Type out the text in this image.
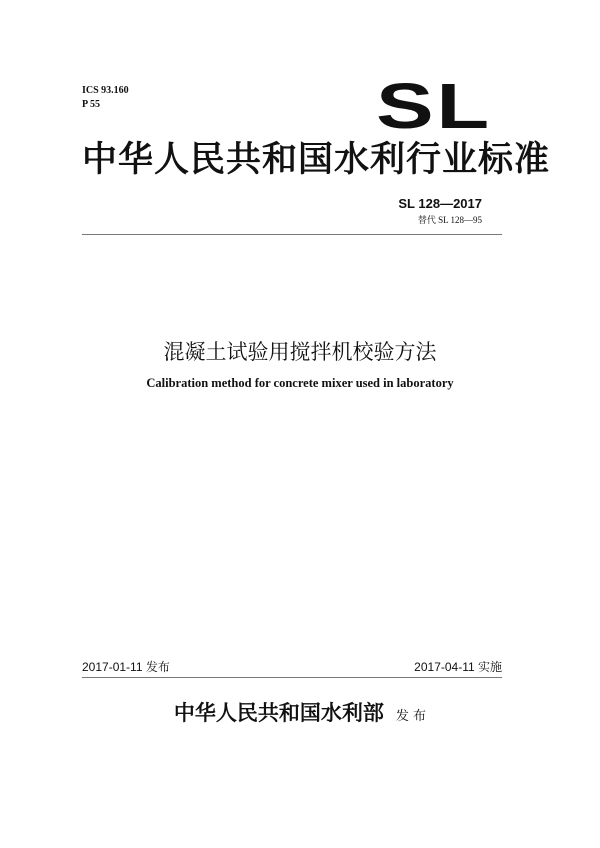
ICS 93.160
P 55	SL
中华人民共和国水利行业标准
SL 128—2017
替代 SL 128—95
混凝土试验用搅拌机校验方法
Calibration method for concrete mixer used in laboratory
2017-01-11 发布	2017-04-11 实施
中华人民共和国水利部 发 布
